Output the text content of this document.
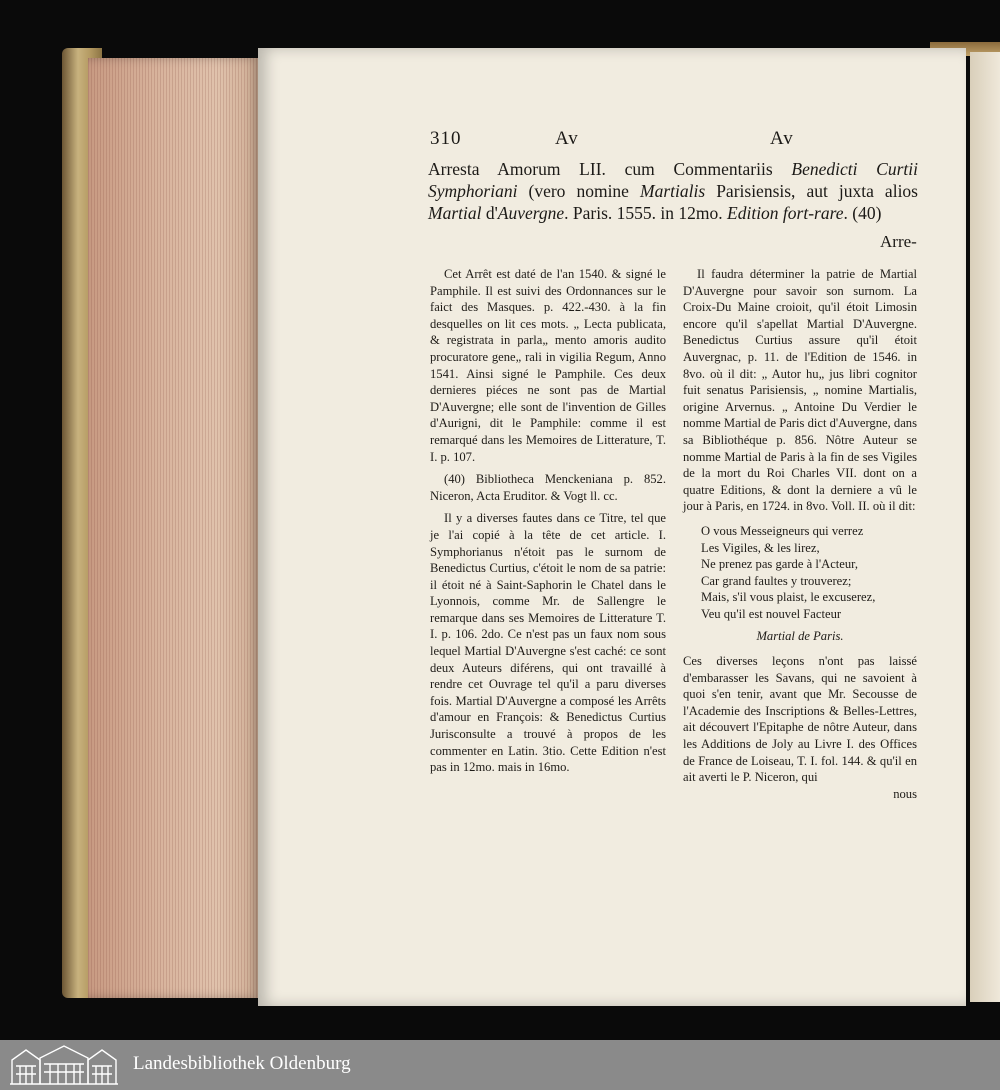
310	Av	Av
Arresta Amorum LII. cum Commentariis Benedicti Curtii Symphoriani (vero nomine Martialis Parisiensis, aut juxta alios Martial d'Auvergne. Paris. 1555. in 12mo. Edition fort-rare. (40)
Arre-

Cet Arrêt est daté de l'an 1540. & signé le Pamphile. Il est suivi des Ordonnances sur le faict des Masques. p. 422.-430. à la fin desquelles on lit ces mots. „ Lecta publicata, & registrata in parla„ mento amoris audito procuratore gene„ rali in vigilia Regum, Anno 1541. Ainsi signé le Pamphile. Ces deux dernieres piéces ne sont pas de Martial D'Auvergne; elle sont de l'invention de Gilles d'Aurigni, dit le Pamphile: comme il est remarqué dans les Memoires de Litterature, T. I. p. 107.

(40) Bibliotheca Menckeniana p. 852. Niceron, Acta Eruditor. & Vogt ll. cc.

Il y a diverses fautes dans ce Titre, tel que je l'ai copié à la tête de cet article. I. Symphorianus n'étoit pas le surnom de Benedictus Curtius, c'étoit le nom de sa patrie: il étoit né à Saint-Saphorin le Chatel dans le Lyonnois, comme Mr. de Sallengre le remarque dans ses Memoires de Litterature T. I. p. 106. 2do. Ce n'est pas un faux nom sous lequel Martial D'Auvergne s'est caché: ce sont deux Auteurs diférens, qui ont travaillé à rendre cet Ouvrage tel qu'il a paru diverses fois. Martial D'Auvergne a composé les Arrêts d'amour en François: & Benedictus Curtius Jurisconsulte a trouvé à propos de les commenter en Latin. 3tio. Cette Edition n'est pas in 12mo. mais in 16mo.

Il faudra déterminer la patrie de Martial D'Auvergne pour savoir son surnom. La Croix-Du Maine croioit, qu'il étoit Limosin encore qu'il s'apellat Martial D'Auvergne. Benedictus Curtius assure qu'il étoit Auvergnac, p. 11. de l'Edition de 1546. in 8vo. où il dit: „ Autor hu„ jus libri cognitor fuit senatus Parisiensis, „ nomine Martialis, origine Arvernus. „ Antoine Du Verdier le nomme Martial de Paris dict d'Auvergne, dans sa Bibliothéque p. 856. Nôtre Auteur se nomme Martial de Paris à la fin de ses Vigiles de la mort du Roi Charles VII. dont on a quatre Editions, & dont la derniere a vû le jour à Paris, en 1724. in 8vo. Voll. II. où il dit:

O vous Messeigneurs qui verrez
Les Vigiles, & les lirez,
Ne prenez pas garde à l'Acteur,
Car grand faultes y trouverez;
Mais, s'il vous plaist, le excuserez,
Veu qu'il est nouvel Facteur
Martial de Paris.

Ces diverses leçons n'ont pas laissé d'embarasser les Savans, qui ne savoient à quoi s'en tenir, avant que Mr. Secousse de l'Academie des Inscriptions & Belles-Lettres, ait découvert l'Epitaphe de nôtre Auteur, dans les Additions de Joly au Livre I. des Offices de France de Loiseau, T. I. fol. 144. & qu'il en ait averti le P. Niceron, qui

nous
Landesbibliothek Oldenburg
